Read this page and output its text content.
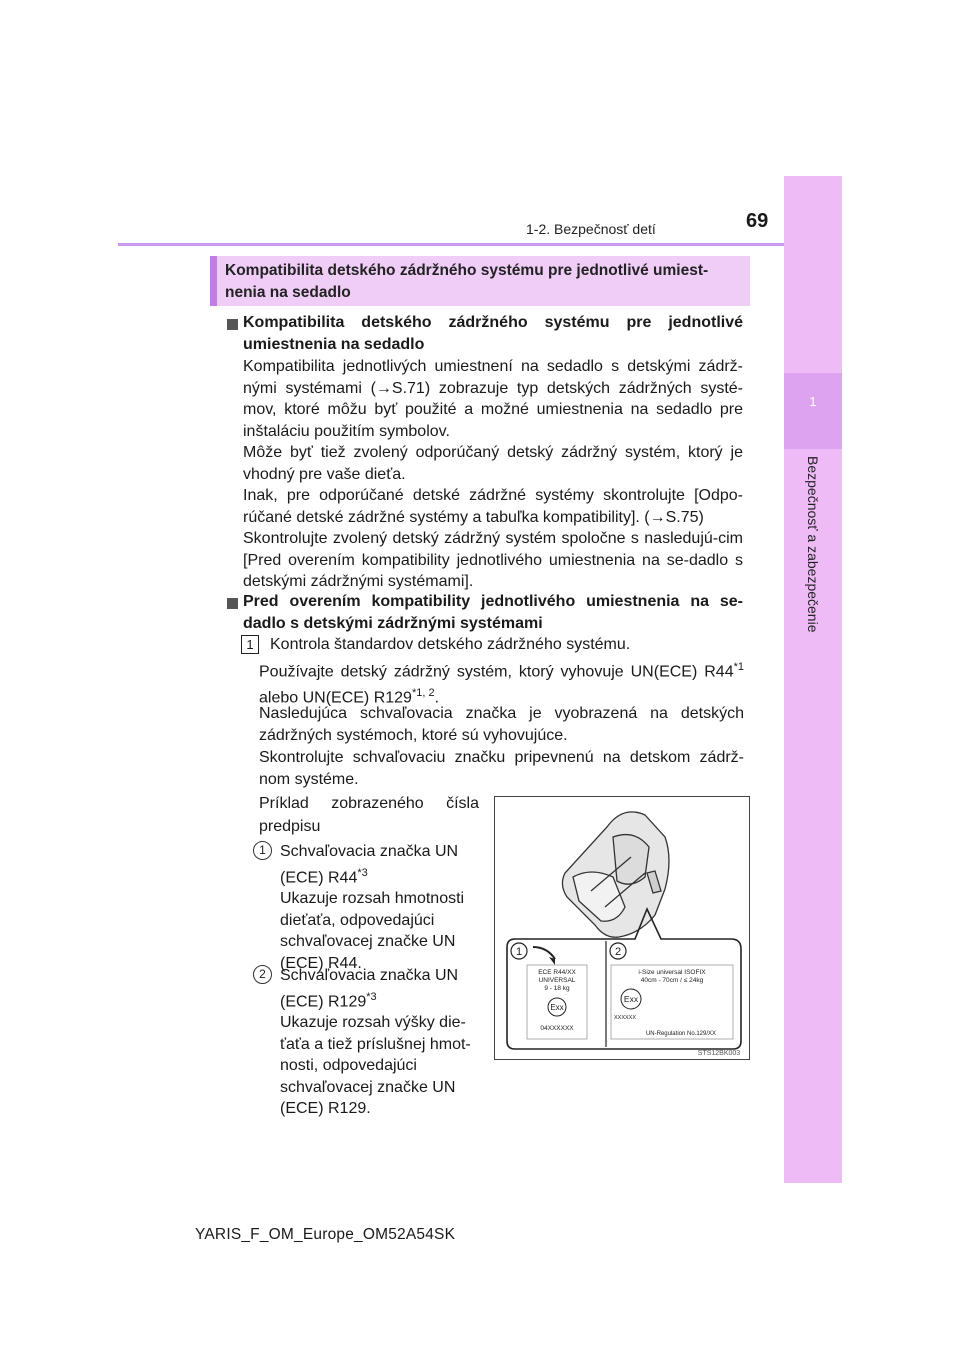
1
Bezpečnosť a zabezpečenie
1-2. Bezpečnosť detí	69
Kompatibilita detského zádržného systému pre jednotlivé umiest-nenia na sedadlo
Kompatibilita detského zádržného systému pre jednotlivé umiestnenia na sedadlo
Kompatibilita jednotlivých umiestnení na sedadlo s detskými zádrž-nými systémami (→S.71) zobrazuje typ detských zádržných systé-mov, ktoré môžu byť použité a možné umiestnenia na sedadlo pre inštaláciu použitím symbolov.
Môže byť tiež zvolený odporúčaný detský zádržný systém, ktorý je vhodný pre vaše dieťa.
Inak, pre odporúčané detské zádržné systémy skontrolujte [Odpo-rúčané detské zádržné systémy a tabuľka kompatibility]. (→S.75)
Skontrolujte zvolený detský zádržný systém spoločne s nasledujú-cim [Pred overením kompatibility jednotlivého umiestnenia na se-dadlo s detskými zádržnými systémami].
Pred overením kompatibility jednotlivého umiestnenia na se-dadlo s detskými zádržnými systémami
1	Kontrola štandardov detského zádržného systému.
Používajte detský zádržný systém, ktorý vyhovuje UN(ECE) R44$^{*1}$ alebo UN(ECE) R129$^{*1, 2}$.
Nasledujúca schvaľovacia značka je vyobrazená na detských zádržných systémoch, ktoré sú vyhovujúce.
Skontrolujte schvaľovaciu značku pripevnenú na detskom zádrž-nom systéme.
Príklad zobrazeného čísla predpisu
1 Schvaľovacia značka UN (ECE) R44$^{*3}$
Ukazuje rozsah hmotnosti dieťaťa, odpovedajúci schvaľovacej značke UN (ECE) R44.
2 Schvaľovacia značka UN (ECE) R129$^{*3}$
Ukazuje rozsah výšky die-ťaťa a tiež príslušnej hmot-nosti, odpovedajúci schvaľovacej značke UN (ECE) R129.
1	2
ECE R44/XX
UNIVERSAL
9 - 18 kg
Exx
04XXXXXX
i-Size universal ISOFIX
40cm - 70cm / ≤ 24kg
Exx
XXXXXX
UN-Regulation No.129/XX
STS12BK003
YARIS_F_OM_Europe_OM52A54SK
